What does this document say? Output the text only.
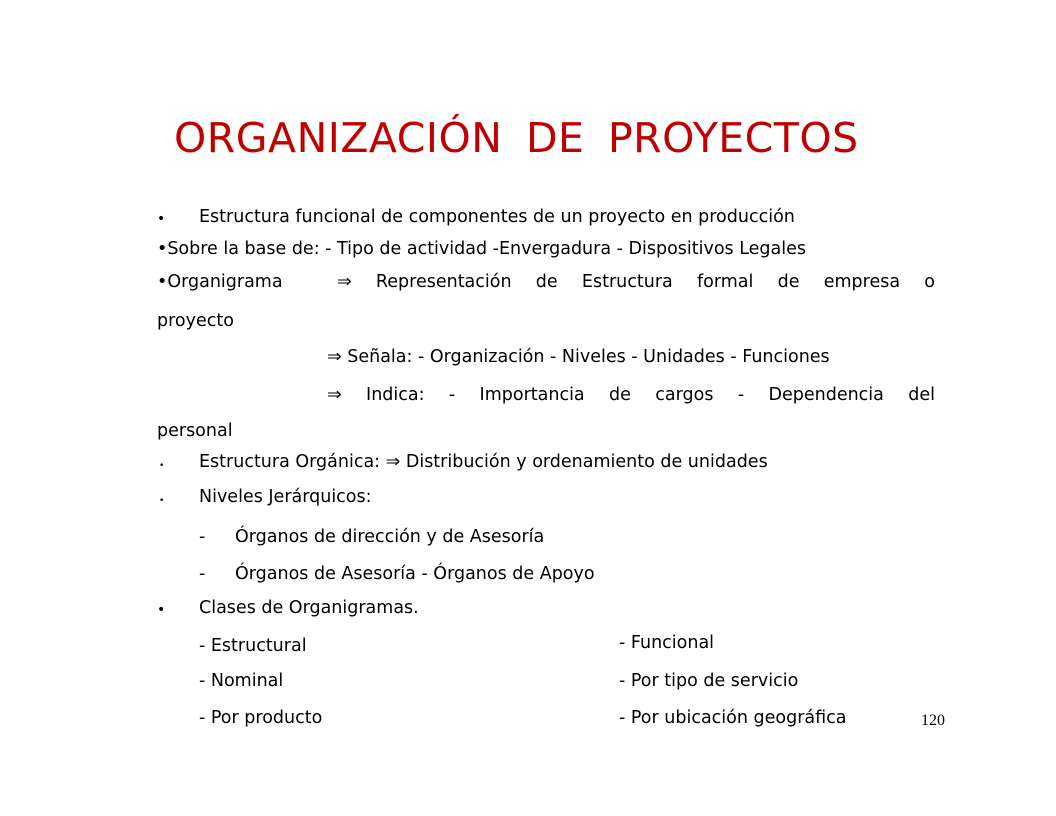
ORGANIZACIÓN DE PROYECTOS
• Estructura funcional de componentes de un proyecto en producción
•Sobre la base de: - Tipo de actividad -Envergadura - Dispositivos Legales
•Organigrama	⇒ Representación de Estructura formal de empresa o
proyecto
⇒ Señala: - Organización - Niveles - Unidades - Funciones
⇒ Indica: - Importancia de cargos - Dependencia del
personal
• Estructura Orgánica: ⇒ Distribución y ordenamiento de unidades
• Niveles Jerárquicos:
- Órganos de dirección y de Asesoría
- Órganos de Asesoría - Órganos de Apoyo
• Clases de Organigramas.
- Estructural
- Nominal
- Por producto
- Funcional
- Por tipo de servicio
- Por ubicación geográfica	120
